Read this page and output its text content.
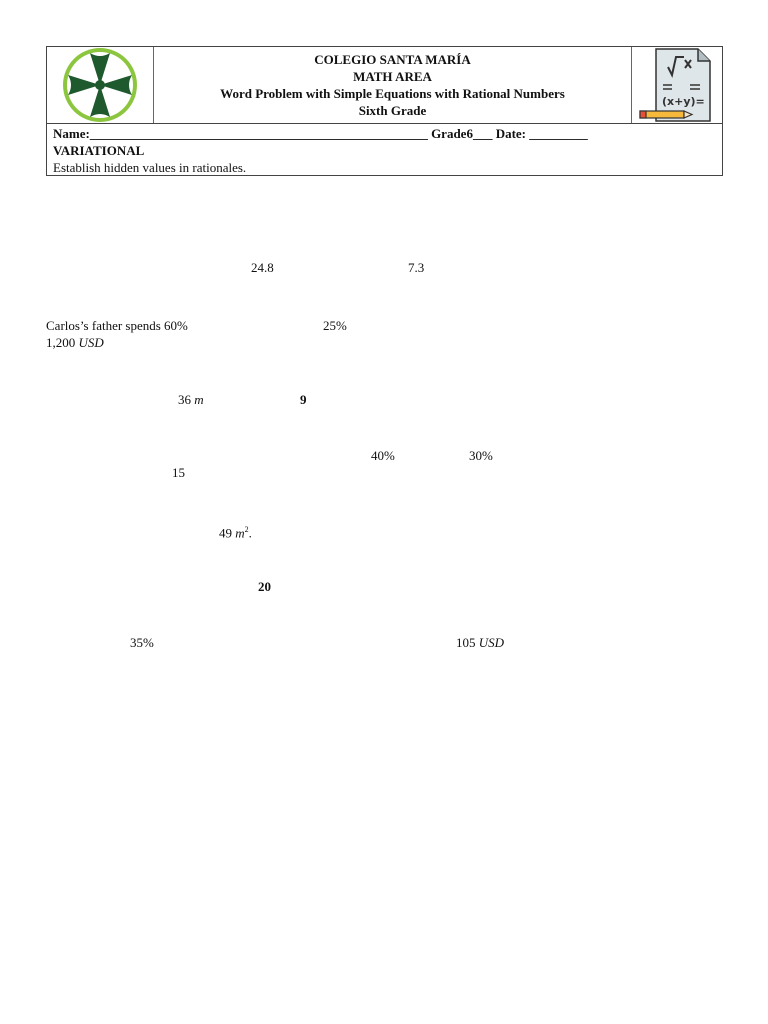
COLEGIO SANTA MARÍA
MATH AREA
Word Problem with Simple Equations with Rational Numbers
Sixth Grade
(x+y)=
Name:____________________________________________________ Grade6___ Date: _________
VARIATIONAL
Establish hidden values in rationales.
24.8	7.3
Carlos’s father spends 60%	25%
1,200 USD
36 m	9
40%	30%
15
49 $m^2$.
20
35%	105 USD
